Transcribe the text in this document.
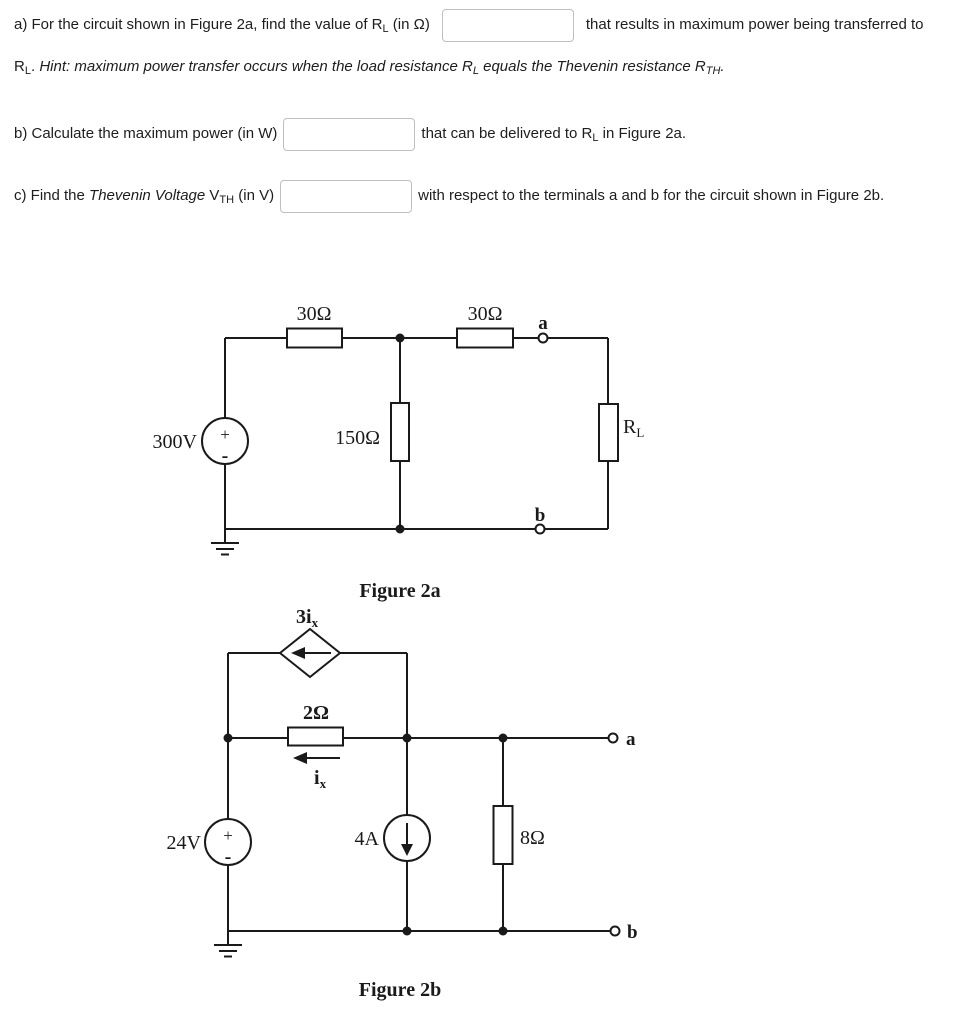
a) For the circuit shown in Figure 2a, find the value of $R_L$ (in Ω)	that results in maximum power being transferred to $R_L$. Hint: maximum power transfer occurs when the load resistance $R_L$ equals the Thevenin resistance $R_{TH}$.
b) Calculate the maximum power (in W)	that can be delivered to $R_L$ in Figure 2a.
c) Find the Thevenin Voltage $V_{TH}$ (in V)	with respect to the terminals a and b for the circuit shown in Figure 2b.
+
-
300V
30Ω	30Ω
150Ω	$R_L$
a
b
Figure 2a
$3i_x$
2Ω
$i_x$
+
-
24V	4A	8Ω
a
b
Figure 2b
